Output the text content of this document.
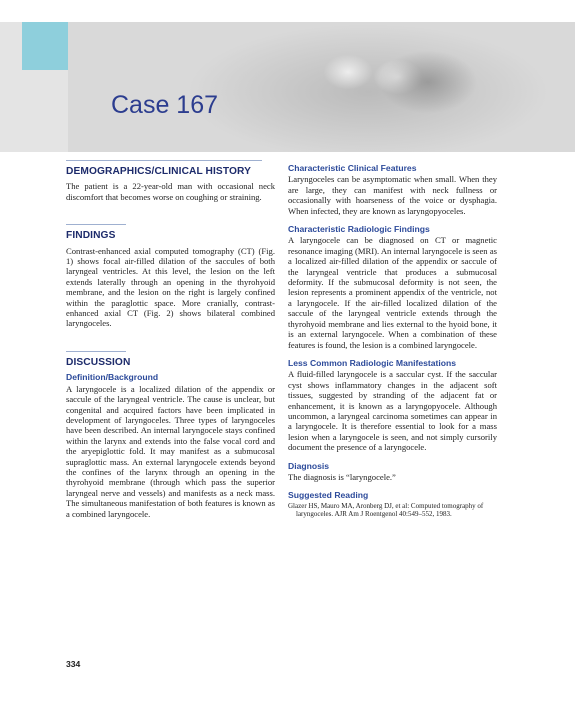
Case 167
DEMOGRAPHICS/CLINICAL HISTORY

The patient is a 22-year-old man with occasional neck discomfort that becomes worse on coughing or straining.

FINDINGS

Contrast-enhanced axial computed tomography (CT) (Fig. 1) shows focal air-filled dilation of the saccules of both laryngeal ventricles. At this level, the lesion on the left extends laterally through an opening in the thyrohyoid membrane, and the lesion on the right is largely confined within the paraglottic space. More cranially, contrast-enhanced axial CT (Fig. 2) shows bilateral combined laryngoceles.

DISCUSSION
Definition/Background

A laryngocele is a localized dilation of the appendix or saccule of the laryngeal ventricle. The cause is unclear, but congenital and acquired factors have been implicated in development of laryngoceles. Three types of laryngoceles have been described. An internal laryngocele stays confined within the larynx and extends into the false vocal cord and the aryepiglottic fold. It may manifest as a submucosal supraglottic mass. An external laryngocele extends beyond the confines of the larynx through an opening in the thyrohyoid membrane (through which pass the superior laryngeal nerve and vessels) and manifests as a neck mass. The simultaneous manifestation of both features is known as a combined laryngocele.

Characteristic Clinical Features

Laryngoceles can be asymptomatic when small. When they are large, they can manifest with neck fullness or occasionally with hoarseness of the voice or dysphagia. When infected, they are known as laryngopyoceles.

Characteristic Radiologic Findings

A laryngocele can be diagnosed on CT or magnetic resonance imaging (MRI). An internal laryngocele is seen as a localized air-filled dilation of the appendix or saccule of the laryngeal ventricle that produces a submucosal deformity. If the submucosal deformity is not seen, the lesion represents a prominent appendix of the ventricle, not a laryngocele. If the air-filled localized dilation of the saccule of the laryngeal ventricle extends through the thyrohyoid membrane and lies external to the hyoid bone, it is an external laryngocele. When a combination of these features is found, the lesion is a combined laryngocele.

Less Common Radiologic Manifestations

A fluid-filled laryngocele is a saccular cyst. If the saccular cyst shows inflammatory changes in the adjacent soft tissues, suggested by stranding of the adjacent fat or enhancement, it is known as a laryngopyocele. Although uncommon, a laryngeal carcinoma sometimes can appear in a laryngocele. It is therefore essential to look for a mass lesion when a laryngocele is seen, and not simply cursorily document the presence of a laryngocele.

Diagnosis

The diagnosis is “laryngocele.”

Suggested Reading

Glazer HS, Mauro MA, Aronberg DJ, et al: Computed tomography of laryngoceles. AJR Am J Roentgenol 40:549–552, 1983.

334
